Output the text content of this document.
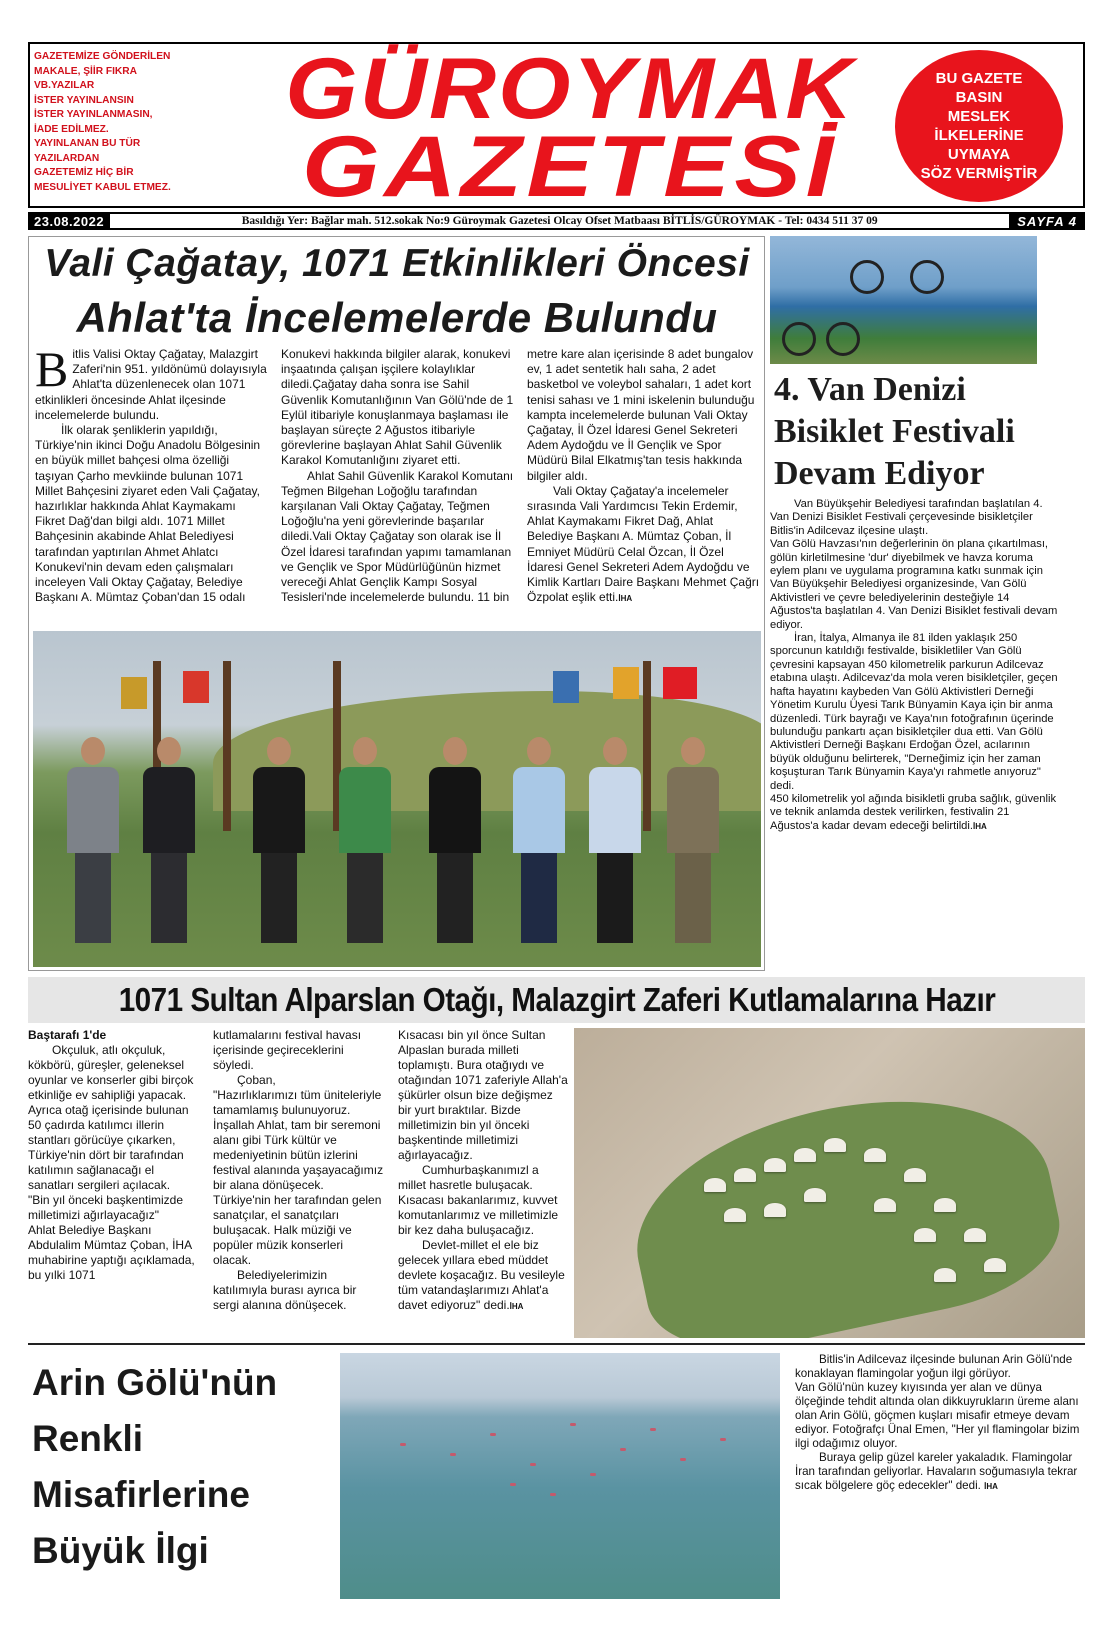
GAZETEMİZE GÖNDERİLEN
MAKALE, ŞİİR FIKRA
VB.YAZILAR
İSTER YAYINLANSIN
İSTER YAYINLANMASIN,
İADE EDİLMEZ.
YAYINLANAN BU TÜR
YAZILARDAN
GAZETEMİZ HİÇ BİR
MESULİYET KABUL ETMEZ.
GÜROYMAK
GAZETESİ
BU GAZETE
BASIN
MESLEK
İLKELERİNE
UYMAYA
SÖZ VERMİŞTİR
23.08.2022	Basıldığı Yer: Bağlar mah. 512.sokak No:9 Güroymak Gazetesi Olcay Ofset Matbaası BİTLİS/GÜROYMAK - Tel: 0434 511 37 09	SAYFA 4
Vali Çağatay, 1071 Etkinlikleri Öncesi
Ahlat'ta İncelemelerde Bulundu

Bitlis Valisi Oktay Çağatay, Malazgirt Zaferi'nin 951. yıldönümü dolayısıyla Ahlat'ta düzenlenecek olan 1071 etkinlikleri öncesinde Ahlat ilçesinde incelemelerde bulundu.

İlk olarak şenliklerin yapıldığı, Türkiye'nin ikinci Doğu Anadolu Bölgesinin en büyük millet bahçesi olma özelliği taşıyan Çarho mevkiinde bulunan 1071 Millet Bahçesini ziyaret eden Vali Çağatay, hazırlıklar hakkında Ahlat Kaymakamı Fikret Dağ'dan bilgi aldı. 1071 Millet Bahçesinin akabinde Ahlat Belediyesi tarafından yaptırılan Ahmet Ahlatcı Konukevi'nin devam eden çalışmaları inceleyen Vali Oktay Çağatay, Belediye Başkanı A. Mümtaz Çoban'dan 15 odalı Konukevi hakkında bilgiler alarak, konukevi inşaatında çalışan işçilere kolaylıklar diledi.Çağatay daha sonra ise Sahil Güvenlik Komutanlığının Van Gölü'nde de 1 Eylül itibariyle konuşlanmaya başlaması ile başlayan süreçte 2 Ağustos itibariyle görevlerine başlayan Ahlat Sahil Güvenlik Karakol Komutanlığını ziyaret etti.

Ahlat Sahil Güvenlik Karakol Komutanı Teğmen Bilgehan Loğoğlu tarafından karşılanan Vali Oktay Çağatay, Teğmen Loğoğlu'na yeni görevlerinde başarılar diledi.Vali Oktay Çağatay son olarak ise İl Özel İdaresi tarafından yapımı tamamlanan ve Gençlik ve Spor Müdürlüğünün hizmet vereceği Ahlat Gençlik Kampı Sosyal Tesisleri'nde incelemelerde bulundu. 11 bin metre kare alan içerisinde 8 adet bungalov ev, 1 adet sentetik halı saha, 2 adet basketbol ve voleybol sahaları, 1 adet kort tenisi sahası ve 1 mini iskelenin bulunduğu kampta incelemelerde bulunan Vali Oktay Çağatay, İl Özel İdaresi Genel Sekreteri Adem Aydoğdu ve İl Gençlik ve Spor Müdürü Bilal Elkatmış'tan tesis hakkında bilgiler aldı.

Vali Oktay Çağatay'a incelemeler sırasında Vali Yardımcısı Tekin Erdemir, Ahlat Kaymakamı Fikret Dağ, Ahlat Belediye Başkanı A. Mümtaz Çoban, İl Emniyet Müdürü Celal Özcan, İl Özel İdaresi Genel Sekreteri Adem Aydoğdu ve Kimlik Kartları Daire Başkanı Mehmet Çağrı Özpolat eşlik etti.İHA

4. Van Denizi
Bisiklet Festivali
Devam Ediyor

Van Büyükşehir Belediyesi tarafından başlatılan 4. Van Denizi Bisiklet Festivali çerçevesinde bisikletçiler Bitlis'in Adilcevaz ilçesine ulaştı.

Van Gölü Havzası'nın değerlerinin ön plana çıkartılması, gölün kirletilmesine 'dur' diyebilmek ve havza koruma eylem planı ve uygulama programına katkı sunmak için Van Büyükşehir Belediyesi organizesinde, Van Gölü Aktivistleri ve çevre belediyelerinin desteğiyle 14 Ağustos'ta başlatılan 4. Van Denizi Bisiklet festivali devam ediyor.

İran, İtalya, Almanya ile 81 ilden yaklaşık 250 sporcunun katıldığı festivalde, bisikletliler Van Gölü çevresini kapsayan 450 kilometrelik parkurun Adilcevaz etabına ulaştı. Adilcevaz'da mola veren bisikletçiler, geçen hafta hayatını kaybeden Van Gölü Aktivistleri Derneği Yönetim Kurulu Üyesi Tarık Bünyamin Kaya için bir anma düzenledi. Türk bayrağı ve Kaya'nın fotoğrafının üçerinde bulunduğu pankartı açan bisikletçiler dua etti. Van Gölü Aktivistleri Derneği Başkanı Erdoğan Özel, acılarının büyük olduğunu belirterek, "Derneğimiz için her zaman koşuşturan Tarık Bünyamin Kaya'yı rahmetle anıyoruz" dedi.

450 kilometrelik yol ağında bisikletli gruba sağlık, güvenlik ve teknik anlamda destek verilirken, festivalin 21 Ağustos'a kadar devam edeceği belirtildi.İHA

1071 Sultan Alparslan Otağı, Malazgirt Zaferi Kutlamalarına Hazır

Baştarafı 1'de

Okçuluk, atlı okçuluk, kökbörü, güreşler, geleneksel oyunlar ve konserler gibi birçok etkinliğe ev sahipliği yapacak. Ayrıca otağ içerisinde bulunan 50 çadırda katılımcı illerin stantları görücüye çıkarken, Türkiye'nin dört bir tarafından katılımın sağlanacağı el sanatları sergileri açılacak.

"Bin yıl önceki başkentimizde milletimizi ağırlayacağız"

Ahlat Belediye Başkanı Abdulalim Mümtaz Çoban, İHA muhabirine yaptığı açıklamada, bu yılki 1071

kutlamalarını festival havası içerisinde geçireceklerini söyledi.

Çoban,

"Hazırlıklarımızı tüm üniteleriyle tamamlamış bulunuyoruz. İnşallah Ahlat, tam bir seremoni alanı gibi Türk kültür ve medeniyetinin bütün izlerini festival alanında yaşayacağımız bir alana dönüşecek.

Türkiye'nin her tarafından gelen sanatçılar, el sanatçıları buluşacak. Halk müziği ve popüler müzik konserleri olacak.

Belediyelerimizin katılımıyla burası ayrıca bir sergi alanına dönüşecek.

Kısacası bin yıl önce Sultan Alpaslan burada milleti toplamıştı. Bura otağıydı ve otağından 1071 zaferiyle Allah'a şükürler olsun bize değişmez bir yurt bıraktılar. Bizde milletimizin bin yıl önceki başkentinde milletimizi ağırlayacağız.

Cumhurbaşkanımızl a millet hasretle buluşacak. Kısacası bakanlarımız, kuvvet komutanlarımız ve milletimizle bir kez daha buluşacağız.

Devlet-millet el ele biz gelecek yıllara ebed müddet devlete koşacağız. Bu vesileyle tüm vatandaşlarımızı Ahlat'a davet ediyoruz" dedi.İHA

Arin Gölü'nün
Renkli
Misafirlerine
Büyük İlgi

Bitlis'in Adilcevaz ilçesinde bulunan Arin Gölü'nde konaklayan flamingolar yoğun ilgi görüyor.

Van Gölü'nün kuzey kıyısında yer alan ve dünya ölçeğinde tehdit altında olan dikkuyrukların üreme alanı olan Arin Gölü, göçmen kuşları misafir etmeye devam ediyor. Fotoğrafçı Ünal Emen, "Her yıl flamingolar bizim ilgi odağımız oluyor.

Buraya gelip güzel kareler yakaladık. Flamingolar İran tarafından geliyorlar. Havaların soğumasıyla tekrar sıcak bölgelere göç edecekler" dedi. İHA
